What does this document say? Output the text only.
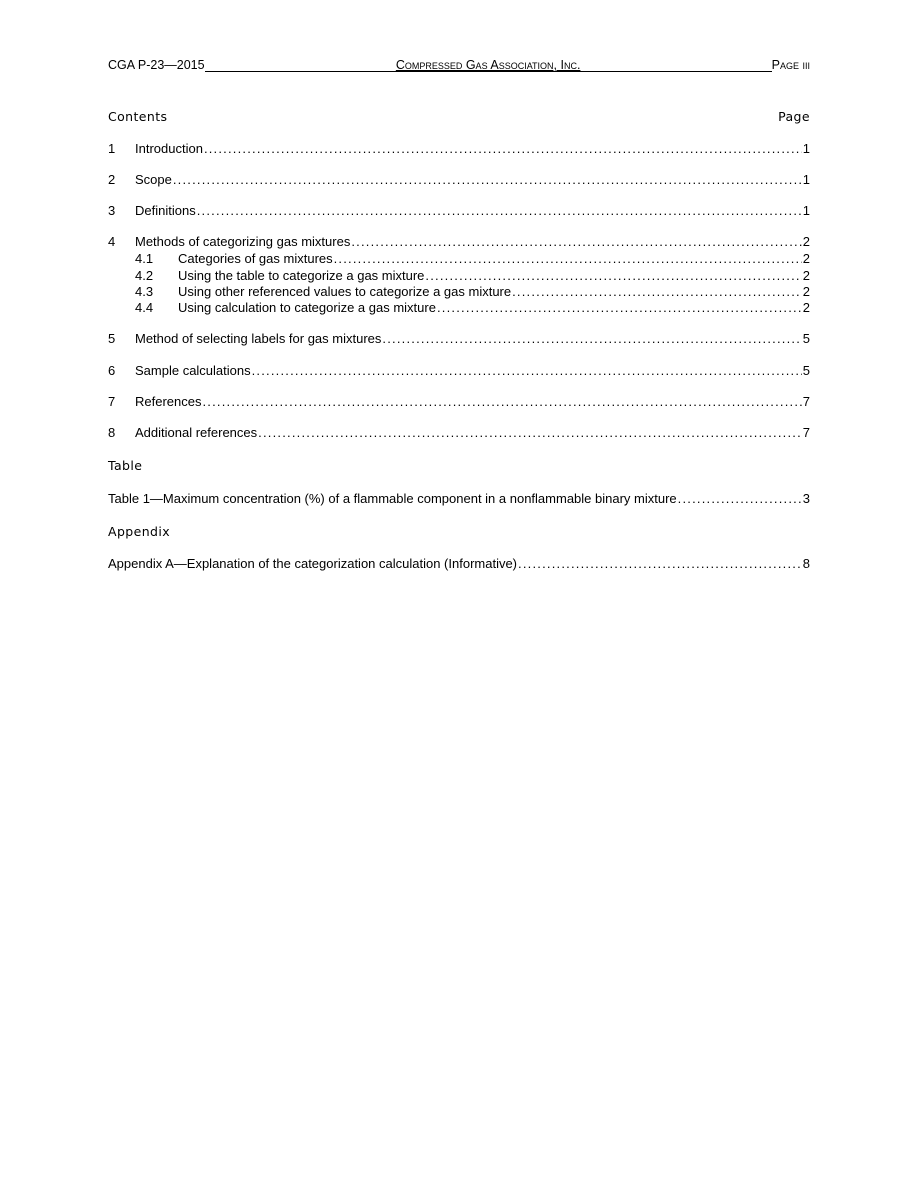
CGA P-23—2015	Compressed Gas Association, Inc.	Page iii
Contents	Page
1	Introduction .....	1
2	Scope .....	1
3	Definitions .....	1
4	Methods of categorizing gas mixtures .....	2
4.1	Categories of gas mixtures .....	2
4.2	Using the table to categorize a gas mixture .....	2
4.3	Using other referenced values to categorize a gas mixture .....	2
4.4	Using calculation to categorize a gas mixture .....	2
5	Method of selecting labels for gas mixtures .....	5
6	Sample calculations .....	5
7	References .....	7
8	Additional references .....	7
Table
Table 1—Maximum concentration (%) of a flammable component in a nonflammable binary mixture .....	3
Appendix
Appendix A—Explanation of the categorization calculation (Informative) .....	8
